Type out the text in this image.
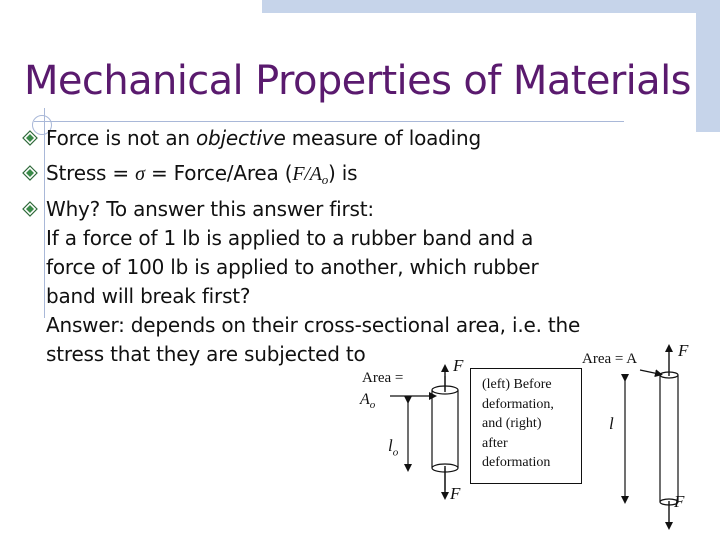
Mechanical Properties of Materials
Force is not an objective measure of loading
Stress = σ = Force/Area $(F/A_o)$ is
Why? To answer this answer first:
If a force of 1 lb is applied to a rubber band and a
force of 100 lb is applied to another, which rubber
band will break first?
Answer: depends on their cross-sectional area, i.e. the
stress that they are subjected to
Area =
$A_o$
$l_o$
F
F
Area = A F
F
l
(left) Before
deformation,
and (right)
after
deformation
